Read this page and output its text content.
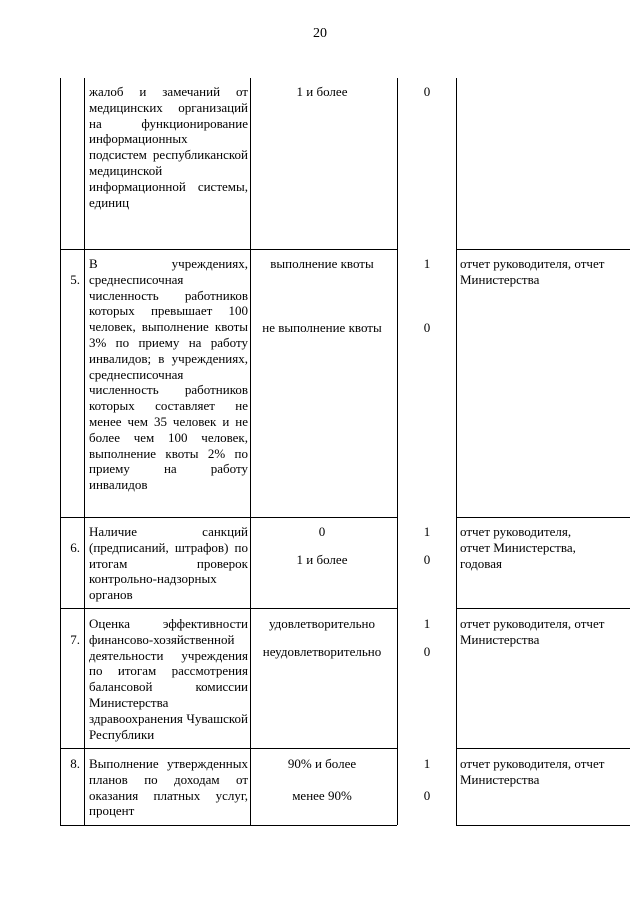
20
жалоб и замечаний от медицинских организаций на функционирование информационных подсистем республиканской медицинской информационной системы, единиц
1 и более	0
5.
В учреждениях, среднесписочная численность работников которых превышает 100 человек, выполнение квоты 3% по приему на работу инвалидов; в учреждениях, среднесписочная численность работников которых составляет не менее чем 35 человек и не более чем 100 человек, выполнение квоты 2% по приему на работу инвалидов
выполнение квоты
не выполнение квоты
1
0
отчет руководителя, отчет Министерства
6.
Наличие санкций (предписаний, штрафов) по итогам проверок контрольно-надзорных органов
0
1 и более
1
0
отчет руководителя, отчет Министерства, годовая
7.
Оценка эффективности финансово-хозяйственной деятельности учреждения по итогам рассмотрения балансовой комиссии Министерства здравоохранения Чувашской Республики
удовлетворительно
неудовлетворительно
1
0
отчет руководителя, отчет Министерства
8. Выполнение утвержденных планов по доходам от оказания платных услуг, процент
90% и более
менее 90%
1
0
отчет руководителя, отчет Министерства
